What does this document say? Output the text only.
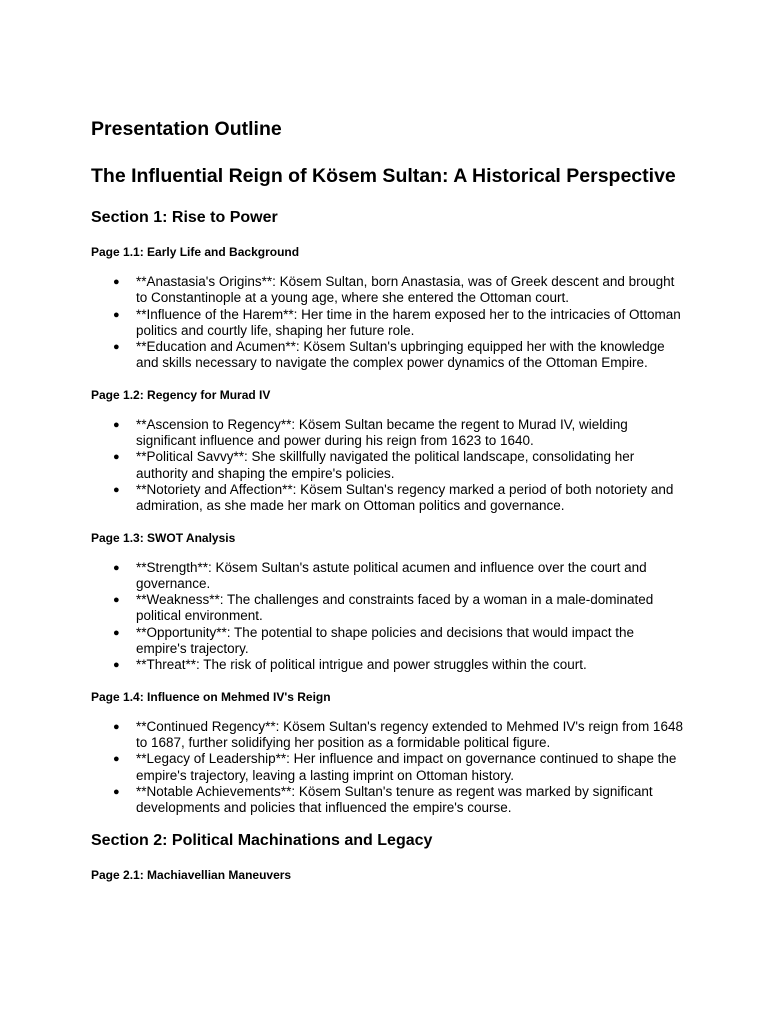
Presentation Outline
The Influential Reign of Kösem Sultan: A Historical Perspective
Section 1: Rise to Power
Page 1.1: Early Life and Background
● **Anastasia's Origins**: Kösem Sultan, born Anastasia, was of Greek descent and brought to Constantinople at a young age, where she entered the Ottoman court.
● **Influence of the Harem**: Her time in the harem exposed her to the intricacies of Ottoman politics and courtly life, shaping her future role.
● **Education and Acumen**: Kösem Sultan's upbringing equipped her with the knowledge and skills necessary to navigate the complex power dynamics of the Ottoman Empire.
Page 1.2: Regency for Murad IV
● **Ascension to Regency**: Kösem Sultan became the regent to Murad IV, wielding significant influence and power during his reign from 1623 to 1640.
● **Political Savvy**: She skillfully navigated the political landscape, consolidating her authority and shaping the empire's policies.
● **Notoriety and Affection**: Kösem Sultan's regency marked a period of both notoriety and admiration, as she made her mark on Ottoman politics and governance.
Page 1.3: SWOT Analysis
● **Strength**: Kösem Sultan's astute political acumen and influence over the court and governance.
● **Weakness**: The challenges and constraints faced by a woman in a male-dominated political environment.
● **Opportunity**: The potential to shape policies and decisions that would impact the empire's trajectory.
● **Threat**: The risk of political intrigue and power struggles within the court.
Page 1.4: Influence on Mehmed IV's Reign
● **Continued Regency**: Kösem Sultan's regency extended to Mehmed IV's reign from 1648 to 1687, further solidifying her position as a formidable political figure.
● **Legacy of Leadership**: Her influence and impact on governance continued to shape the empire's trajectory, leaving a lasting imprint on Ottoman history.
● **Notable Achievements**: Kösem Sultan's tenure as regent was marked by significant developments and policies that influenced the empire's course.
Section 2: Political Machinations and Legacy
Page 2.1: Machiavellian Maneuvers
